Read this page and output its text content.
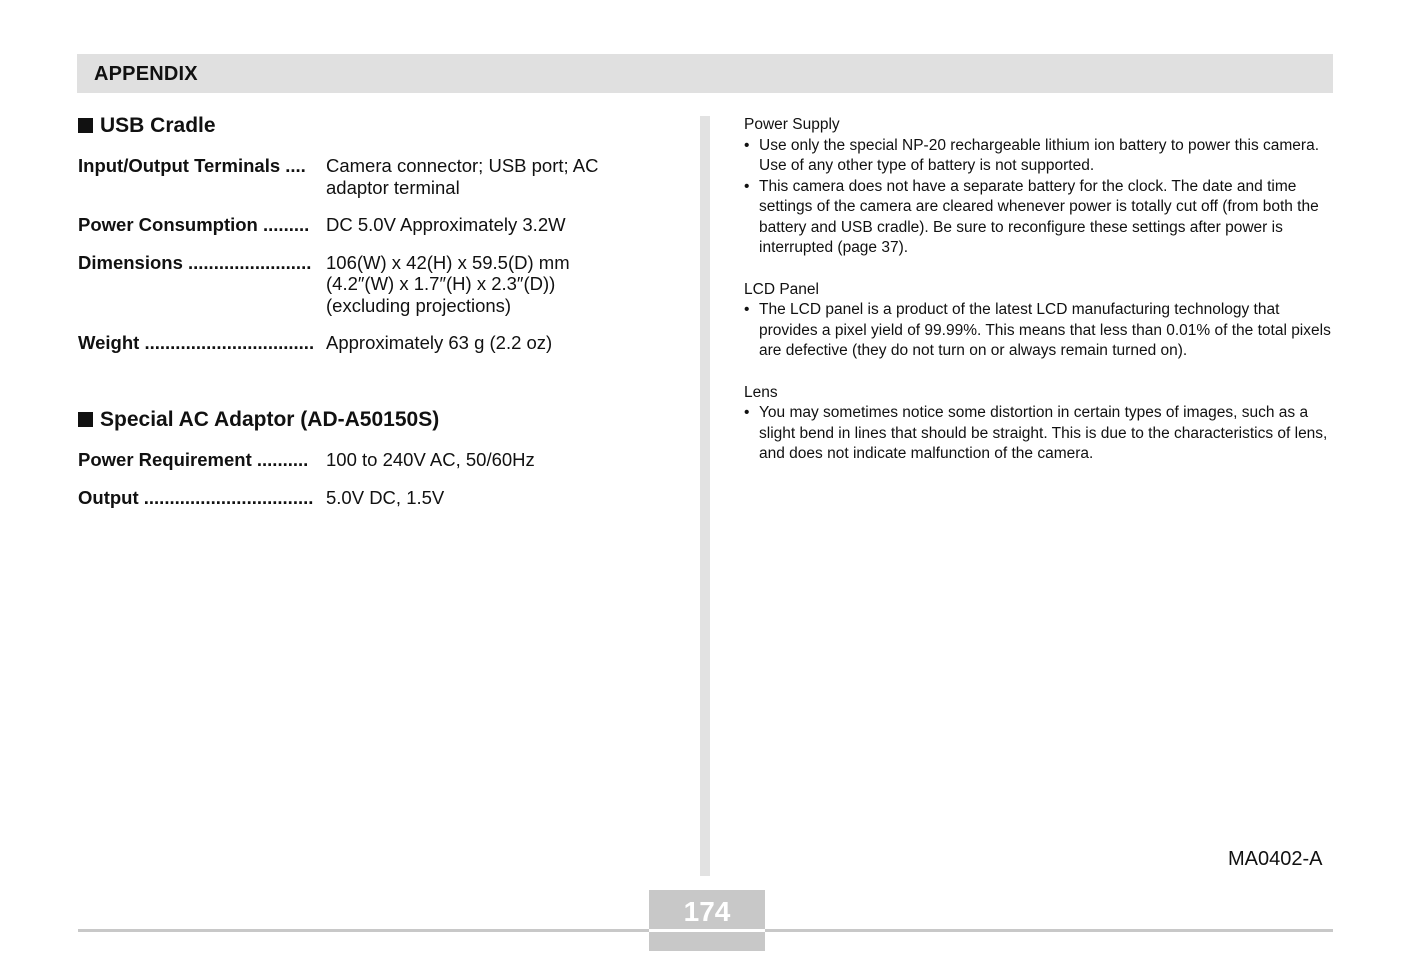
APPENDIX
USB Cradle
Input/Output Terminals ....	Camera connector; USB port; AC
adaptor terminal
Power Consumption ......... DC 5.0V Approximately 3.2W
Dimensions ........................ 106(W) x 42(H) x 59.5(D) mm
(4.2″(W) x 1.7″(H) x 2.3″(D))
(excluding projections)
Weight ................................. Approximately 63 g (2.2 oz)
Special AC Adaptor (AD-A50150S)
Power Requirement .......... 100 to 240V AC, 50/60Hz
Output ................................. 5.0V DC, 1.5V

Power Supply

• Use only the special NP-20 rechargeable lithium ion battery to power this camera. Use of any other type of battery is not supported.
• This camera does not have a separate battery for the clock. The date and time settings of the camera are cleared whenever power is totally cut off (from both the battery and USB cradle). Be sure to reconfigure these settings after power is interrupted (page 37).

LCD Panel

• The LCD panel is a product of the latest LCD manufacturing technology that provides a pixel yield of 99.99%. This means that less than 0.01% of the total pixels are defective (they do not turn on or always remain turned on).

Lens

• You may sometimes notice some distortion in certain types of images, such as a slight bend in lines that should be straight. This is due to the characteristics of lens, and does not indicate malfunction of the camera.
MA0402-A
174
